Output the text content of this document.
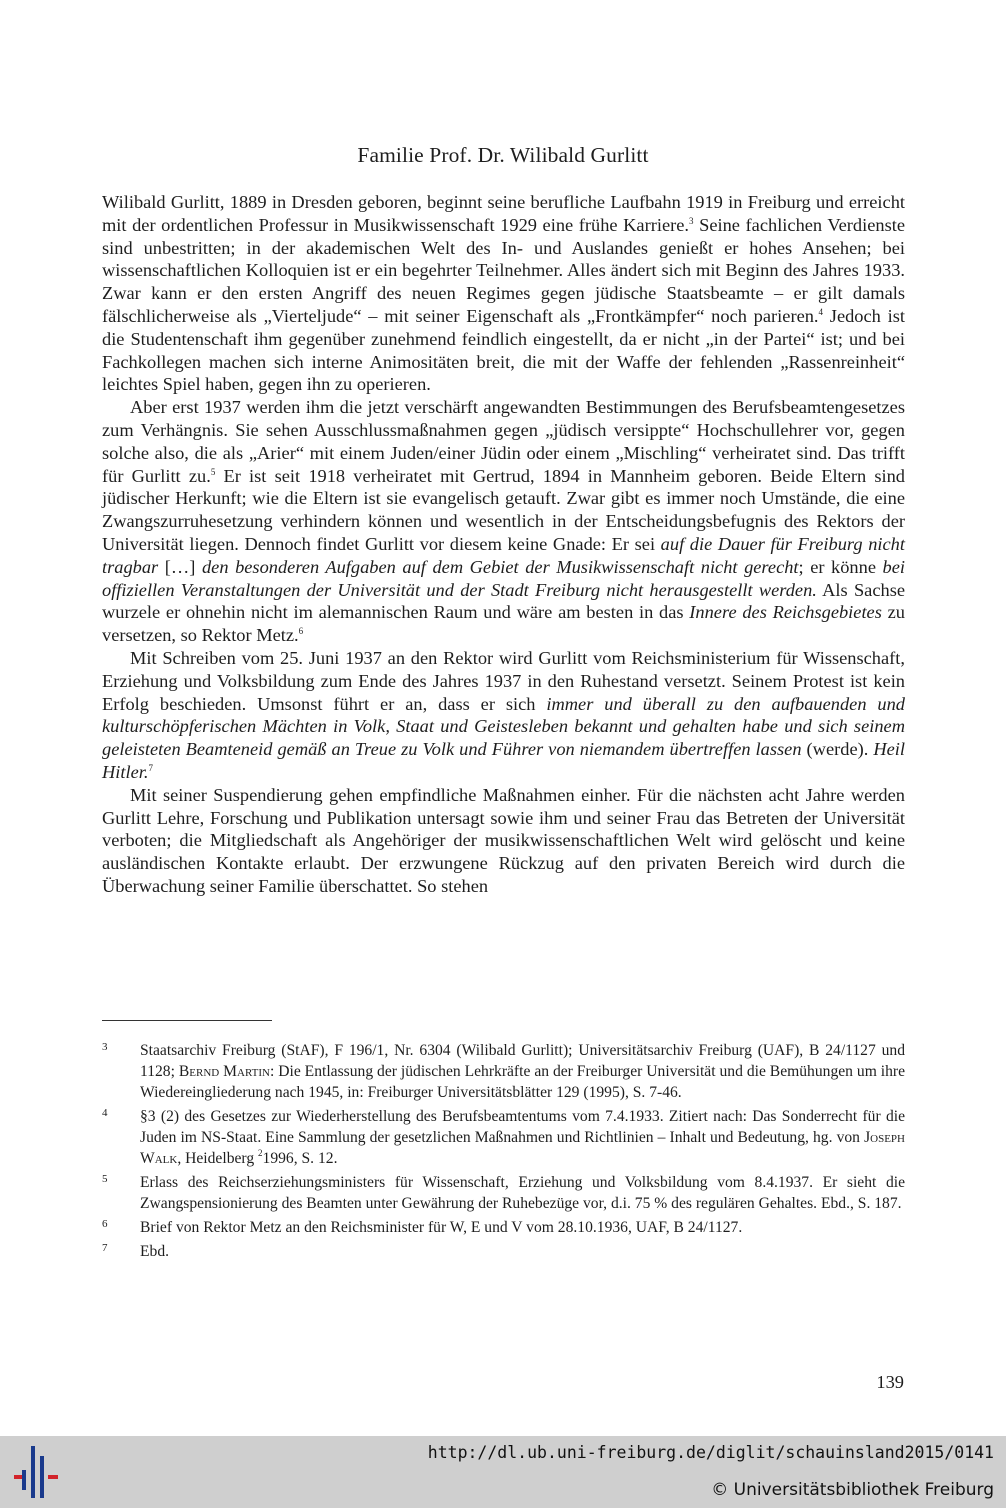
Familie Prof. Dr. Wilibald Gurlitt

Wilibald Gurlitt, 1889 in Dresden geboren, beginnt seine berufliche Laufbahn 1919 in Freiburg und erreicht mit der ordentlichen Professur in Musikwissenschaft 1929 eine frühe Karriere.$^3$ Seine fachlichen Verdienste sind unbestritten; in der akademischen Welt des In- und Auslandes genießt er hohes Ansehen; bei wissenschaftlichen Kolloquien ist er ein begehrter Teilnehmer. Alles ändert sich mit Beginn des Jahres 1933. Zwar kann er den ersten Angriff des neuen Regimes gegen jüdische Staatsbeamte – er gilt damals fälschlicherweise als „Vierteljude“ – mit seiner Eigenschaft als „Frontkämpfer“ noch parieren.$^4$ Jedoch ist die Studentenschaft ihm gegenüber zunehmend feindlich eingestellt, da er nicht „in der Partei“ ist; und bei Fachkollegen machen sich interne Animositäten breit, die mit der Waffe der fehlenden „Rassenreinheit“ leichtes Spiel haben, gegen ihn zu operieren.

Aber erst 1937 werden ihm die jetzt verschärft angewandten Bestimmungen des Berufsbeamtengesetzes zum Verhängnis. Sie sehen Ausschlussmaßnahmen gegen „jüdisch versippte“ Hochschullehrer vor, gegen solche also, die als „Arier“ mit einem Juden/einer Jüdin oder einem „Mischling“ verheiratet sind. Das trifft für Gurlitt zu.$^5$ Er ist seit 1918 verheiratet mit Gertrud, 1894 in Mannheim geboren. Beide Eltern sind jüdischer Herkunft; wie die Eltern ist sie evangelisch getauft. Zwar gibt es immer noch Umstände, die eine Zwangszurruhesetzung verhindern können und wesentlich in der Entscheidungsbefugnis des Rektors der Universität liegen. Dennoch findet Gurlitt vor diesem keine Gnade: Er sei auf die Dauer für Freiburg nicht tragbar […] den besonderen Aufgaben auf dem Gebiet der Musikwissenschaft nicht gerecht; er könne bei offiziellen Veranstaltungen der Universität und der Stadt Freiburg nicht herausgestellt werden. Als Sachse wurzele er ohnehin nicht im alemannischen Raum und wäre am besten in das Innere des Reichsgebietes zu versetzen, so Rektor Metz.$^6$

Mit Schreiben vom 25. Juni 1937 an den Rektor wird Gurlitt vom Reichsministerium für Wissenschaft, Erziehung und Volksbildung zum Ende des Jahres 1937 in den Ruhestand versetzt. Seinem Protest ist kein Erfolg beschieden. Umsonst führt er an, dass er sich immer und überall zu den aufbauenden und kulturschöpferischen Mächten in Volk, Staat und Geistesleben bekannt und gehalten habe und sich seinem geleisteten Beamteneid gemäß an Treue zu Volk und Führer von niemandem übertreffen lassen (werde). Heil Hitler.$^7$

Mit seiner Suspendierung gehen empfindliche Maßnahmen einher. Für die nächsten acht Jahre werden Gurlitt Lehre, Forschung und Publikation untersagt sowie ihm und seiner Frau das Betreten der Universität verboten; die Mitgliedschaft als Angehöriger der musikwissenschaftlichen Welt wird gelöscht und keine ausländischen Kontakte erlaubt. Der erzwungene Rückzug auf den privaten Bereich wird durch die Überwachung seiner Familie überschattet. So stehen

3	Staatsarchiv Freiburg (StAF), F 196/1, Nr. 6304 (Wilibald Gurlitt); Universitätsarchiv Freiburg (UAF), B 24/1127 und 1128; Bernd Martin: Die Entlassung der jüdischen Lehrkräfte an der Freiburger Universität und die Bemühungen um ihre Wiedereingliederung nach 1945, in: Freiburger Universitätsblätter 129 (1995), S. 7-46.
4	§3 (2) des Gesetzes zur Wiederherstellung des Berufsbeamtentums vom 7.4.1933. Zitiert nach: Das Sonderrecht für die Juden im NS-Staat. Eine Sammlung der gesetzlichen Maßnahmen und Richtlinien – Inhalt und Bedeutung, hg. von Joseph Walk, Heidelberg $^2$1996, S. 12.
5	Erlass des Reichserziehungsministers für Wissenschaft, Erziehung und Volksbildung vom 8.4.1937. Er sieht die Zwangspensionierung des Beamten unter Gewährung der Ruhebezüge vor, d.i. 75 % des regulären Gehaltes. Ebd., S. 187.
6	Brief von Rektor Metz an den Reichsminister für W, E und V vom 28.10.1936, UAF, B 24/1127.
7	Ebd.
139
http://dl.ub.uni-freiburg.de/diglit/schauinsland2015/0141
© Universitätsbibliothek Freiburg
